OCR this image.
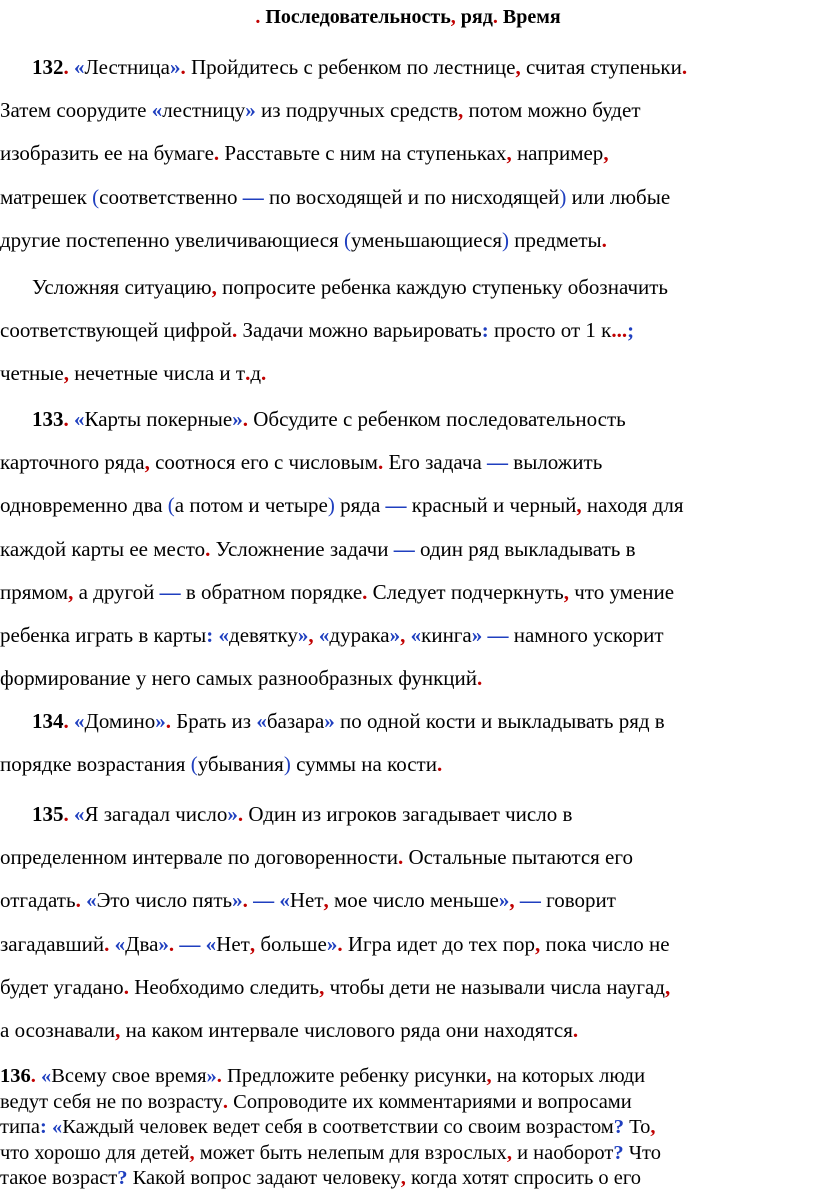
. Последовательность, ряд. Время
132. «Лестница». Пройдитесь с ребенком по лестнице, считая ступеньки.
Затем соорудите «лестницу» из подручных средств, потом можно будет
изобразить ее на бумаге. Расставьте с ним на ступеньках, например,
матрешек (соответственно — по восходящей и по нисходящей) или любые
другие постепенно увеличивающиеся (уменьшающиеся) предметы.
Усложняя ситуацию, попросите ребенка каждую ступеньку обозначить
соответствующей цифрой. Задачи можно варьировать: просто от 1 к...;
четные, нечетные числа и т.д.
133. «Карты покерные». Обсудите с ребенком последовательность
карточного ряда, соотнося его с числовым. Его задача — выложить
одновременно два (а потом и четыре) ряда — красный и черный, находя для
каждой карты ее место. Усложнение задачи — один ряд выкладывать в
прямом, а другой — в обратном порядке. Следует подчеркнуть, что умение
ребенка играть в карты: «девятку», «дурака», «кинга» — намного ускорит
формирование у него самых разнообразных функций.
134. «Домино». Брать из «базара» по одной кости и выкладывать ряд в
порядке возрастания (убывания) суммы на кости.
135. «Я загадал число». Один из игроков загадывает число в
определенном интервале по договоренности. Остальные пытаются его
отгадать. «Это число пять». — «Нет, мое число меньше», — говорит
загадавший. «Два». — «Нет, больше». Игра идет до тех пор, пока число не
будет угадано. Необходимо следить, чтобы дети не называли числа наугад,
а осознавали, на каком интервале числового ряда они находятся.
136. «Всему свое время». Предложите ребенку рисунки, на которых люди
ведут себя не по возрасту. Сопроводите их комментариями и вопросами
типа: «Каждый человек ведет себя в соответствии со своим возрастом? То,
что хорошо для детей, может быть нелепым для взрослых, и наоборот? Что
такое возраст? Какой вопрос задают человеку, когда хотят спросить о его
